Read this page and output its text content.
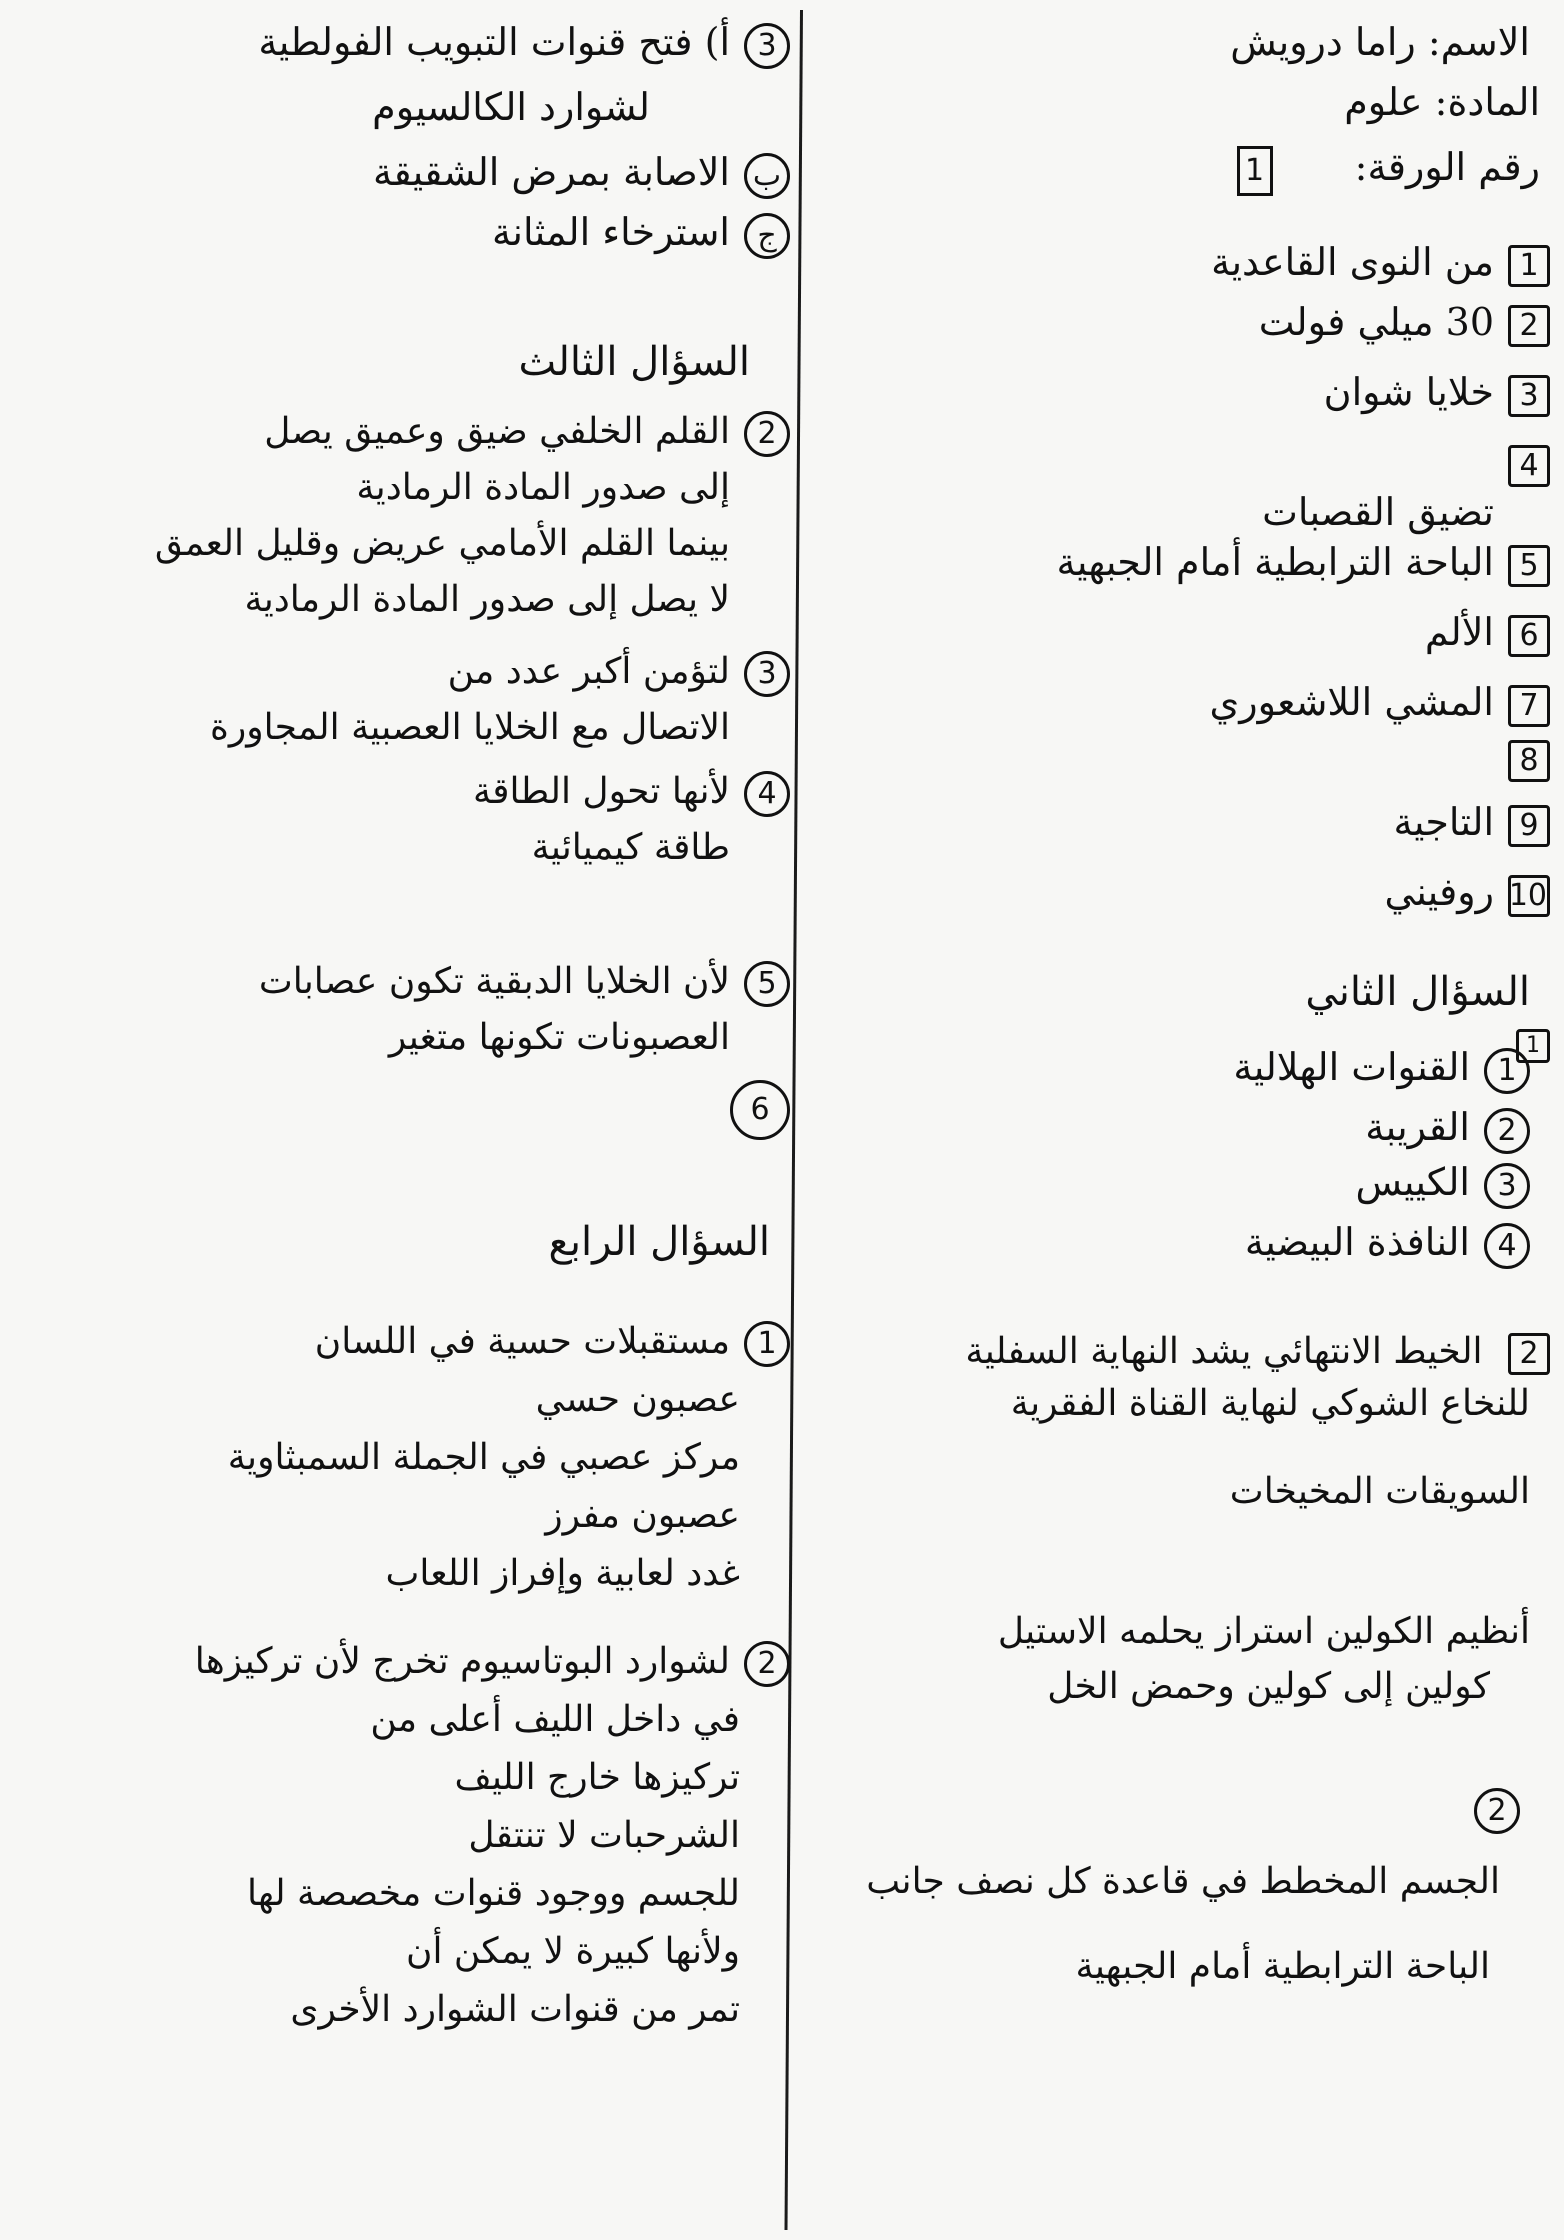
الاسم: راما درويش
المادة: علوم
رقم الورقة: 1
1من النوى القاعدية
230 ميلي فولت
3خلايا شوان
4
تضيق القصبات
5الباحة الترابطية أمام الجبهية
6الألم
7المشي اللاشعوري
8
9التاجية
10روفيني
السؤال الثاني
1
1القنوات الهلالية
2القريبة
3الكييس
4النافذة البيضية
2 الخيط الانتهائي يشد النهاية السفلية
للنخاع الشوكي لنهاية القناة الفقرية
السويقات المخيخات
أنظيم الكولين استراز يحلمه الاستيل
كولين إلى كولين وحمض الخل
2
الجسم المخطط في قاعدة كل نصف جانب
الباحة الترابطية أمام الجبهية
3أ) فتح قنوات التبويب الفولطية
لشوارد الكالسيوم
بالاصابة بمرض الشقيقة
جاسترخاء المثانة
السؤال الثالث
2القلم الخلفي ضيق وعميق يصل
إلى صدور المادة الرمادية
بينما القلم الأمامي عريض وقليل العمق
لا يصل إلى صدور المادة الرمادية
3لتؤمن أكبر عدد من
الاتصال مع الخلايا العصبية المجاورة
4لأنها تحول الطاقة
طاقة كيميائية
5لأن الخلايا الدبقية تكون عصابات
العصبونات تكونها متغير
6
السؤال الرابع
1مستقبلات حسية في اللسان
عصبون حسي
مركز عصبي في الجملة السمبثاوية
عصبون مفرز
غدد لعابية وإفراز اللعاب
2لشوارد البوتاسيوم تخرج لأن تركيزها
في داخل الليف أعلى من
تركيزها خارج الليف
الشرحبات لا تنتقل
للجسم ووجود قنوات مخصصة لها
ولأنها كبيرة لا يمكن أن
تمر من قنوات الشوارد الأخرى
